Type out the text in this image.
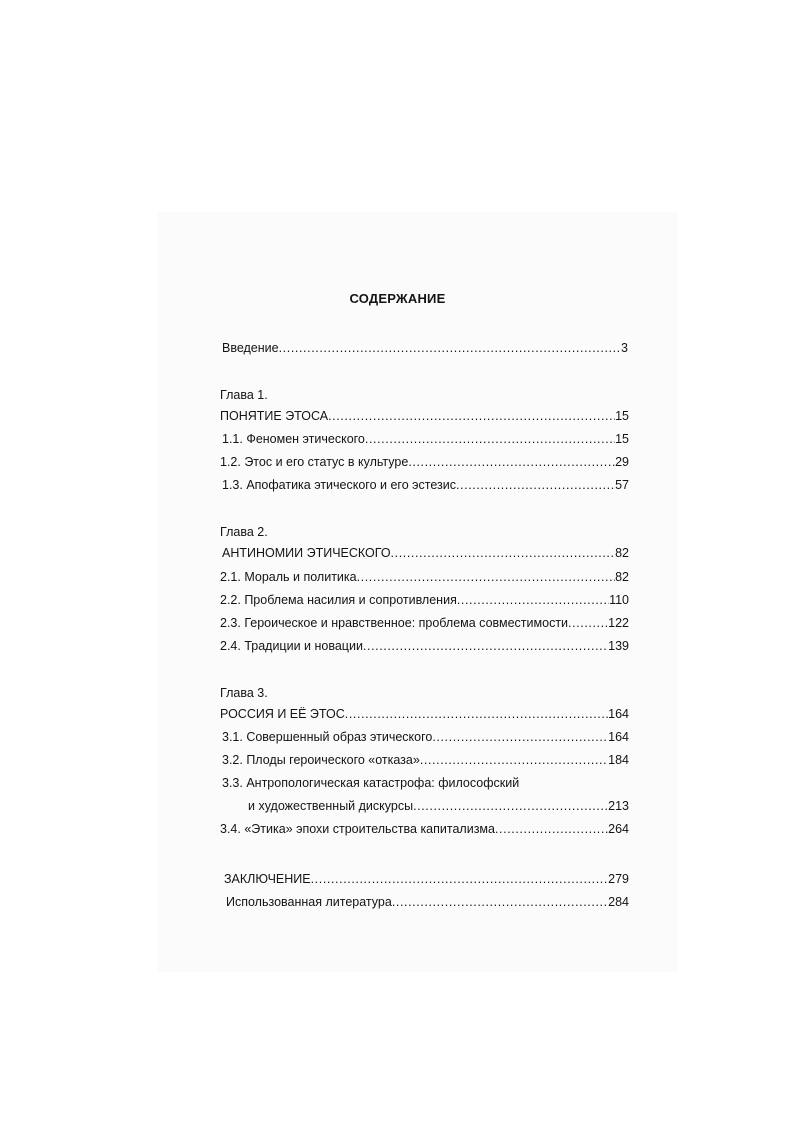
СОДЕРЖАНИЕ
Введение .....	3
Глава 1.
ПОНЯТИЕ ЭТОСА .....	15
1.1. Феномен этического .....	15
1.2. Этос и его статус в культуре .....	29
1.3. Апофатика этического и его эстезис .....	57
Глава 2.
АНТИНОМИИ ЭТИЧЕСКОГО .....	82
2.1. Мораль и политика .....	82
2.2. Проблема насилия и сопротивления .....	110
2.3. Героическое и нравственное: проблема совместимости .....	122
2.4. Традиции и новации .....	139
Глава 3.
РОССИЯ И ЕЁ ЭТОС .....	164
3.1. Совершенный образ этического .....	164
3.2. Плоды героического «отказа» .....	184
3.3. Антропологическая катастрофа: философский
и художественный дискурсы .....	213
3.4. «Этика» эпохи строительства капитализма .....	264
ЗАКЛЮЧЕНИЕ .....	279
Использованная литература .....	284
